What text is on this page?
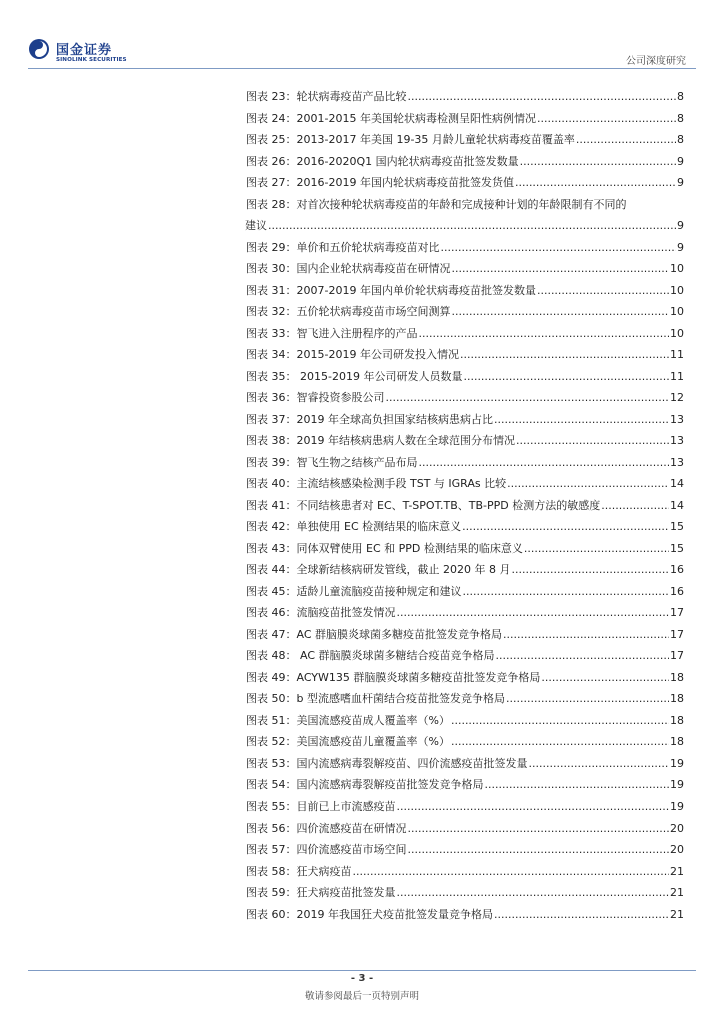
国金证券
SINOLINK SECURITIES	公司深度研究
图表 23：轮状病毒疫苗产品比较 .....	8
图表 24：2001-2015 年美国轮状病毒检测呈阳性病例情况 .....	8
图表 25：2013-2017 年美国 19-35 月龄儿童轮状病毒疫苗覆盖率 .....	8
图表 26：2016-2020Q1 国内轮状病毒疫苗批签发数量 .....	9
图表 27：2016-2019 年国内轮状病毒疫苗批签发货值 .....	9
图表 28：对首次接种轮状病毒疫苗的年龄和完成接种计划的年龄限制有不同的
建议 .....	9
图表 29：单价和五价轮状病毒疫苗对比 .....	9
图表 30：国内企业轮状病毒疫苗在研情况 .....	10
图表 31：2007-2019 年国内单价轮状病毒疫苗批签发数量 .....	10
图表 32：五价轮状病毒疫苗市场空间测算 .....	10
图表 33：智飞进入注册程序的产品 .....	10
图表 34：2015-2019 年公司研发投入情况 .....	11
图表 35： 2015-2019 年公司研发人员数量 .....	11
图表 36：智睿投资参股公司 .....	12
图表 37：2019 年全球高负担国家结核病患病占比 .....	13
图表 38：2019 年结核病患病人数在全球范围分布情况 .....	13
图表 39：智飞生物之结核产品布局 .....	13
图表 40：主流结核感染检测手段 TST 与 IGRAs 比较 .....	14
图表 41：不同结核患者对 EC、T-SPOT.TB、TB-PPD 检测方法的敏感度 .....	14
图表 42：单独使用 EC 检测结果的临床意义 .....	15
图表 43：同体双臂使用 EC 和 PPD 检测结果的临床意义 .....	15
图表 44：全球新结核病研发管线，截止 2020 年 8 月 .....	16
图表 45：适龄儿童流脑疫苗接种规定和建议 .....	16
图表 46：流脑疫苗批签发情况 .....	17
图表 47：AC 群脑膜炎球菌多糖疫苗批签发竞争格局 .....	17
图表 48： AC 群脑膜炎球菌多糖结合疫苗竞争格局 .....	17
图表 49：ACYW135 群脑膜炎球菌多糖疫苗批签发竞争格局 .....	18
图表 50：b 型流感嗜血杆菌结合疫苗批签发竞争格局 .....	18
图表 51：美国流感疫苗成人覆盖率（%） .....	18
图表 52：美国流感疫苗儿童覆盖率（%） .....	18
图表 53：国内流感病毒裂解疫苗、四价流感疫苗批签发量 .....	19
图表 54：国内流感病毒裂解疫苗批签发竞争格局 .....	19
图表 55：目前已上市流感疫苗 .....	19
图表 56：四价流感疫苗在研情况 .....	20
图表 57：四价流感疫苗市场空间 .....	20
图表 58：狂犬病疫苗 .....	21
图表 59：狂犬病疫苗批签发量 .....	21
图表 60：2019 年我国狂犬疫苗批签发量竞争格局 .....	21
- 3 -
敬请参阅最后一页特别声明
